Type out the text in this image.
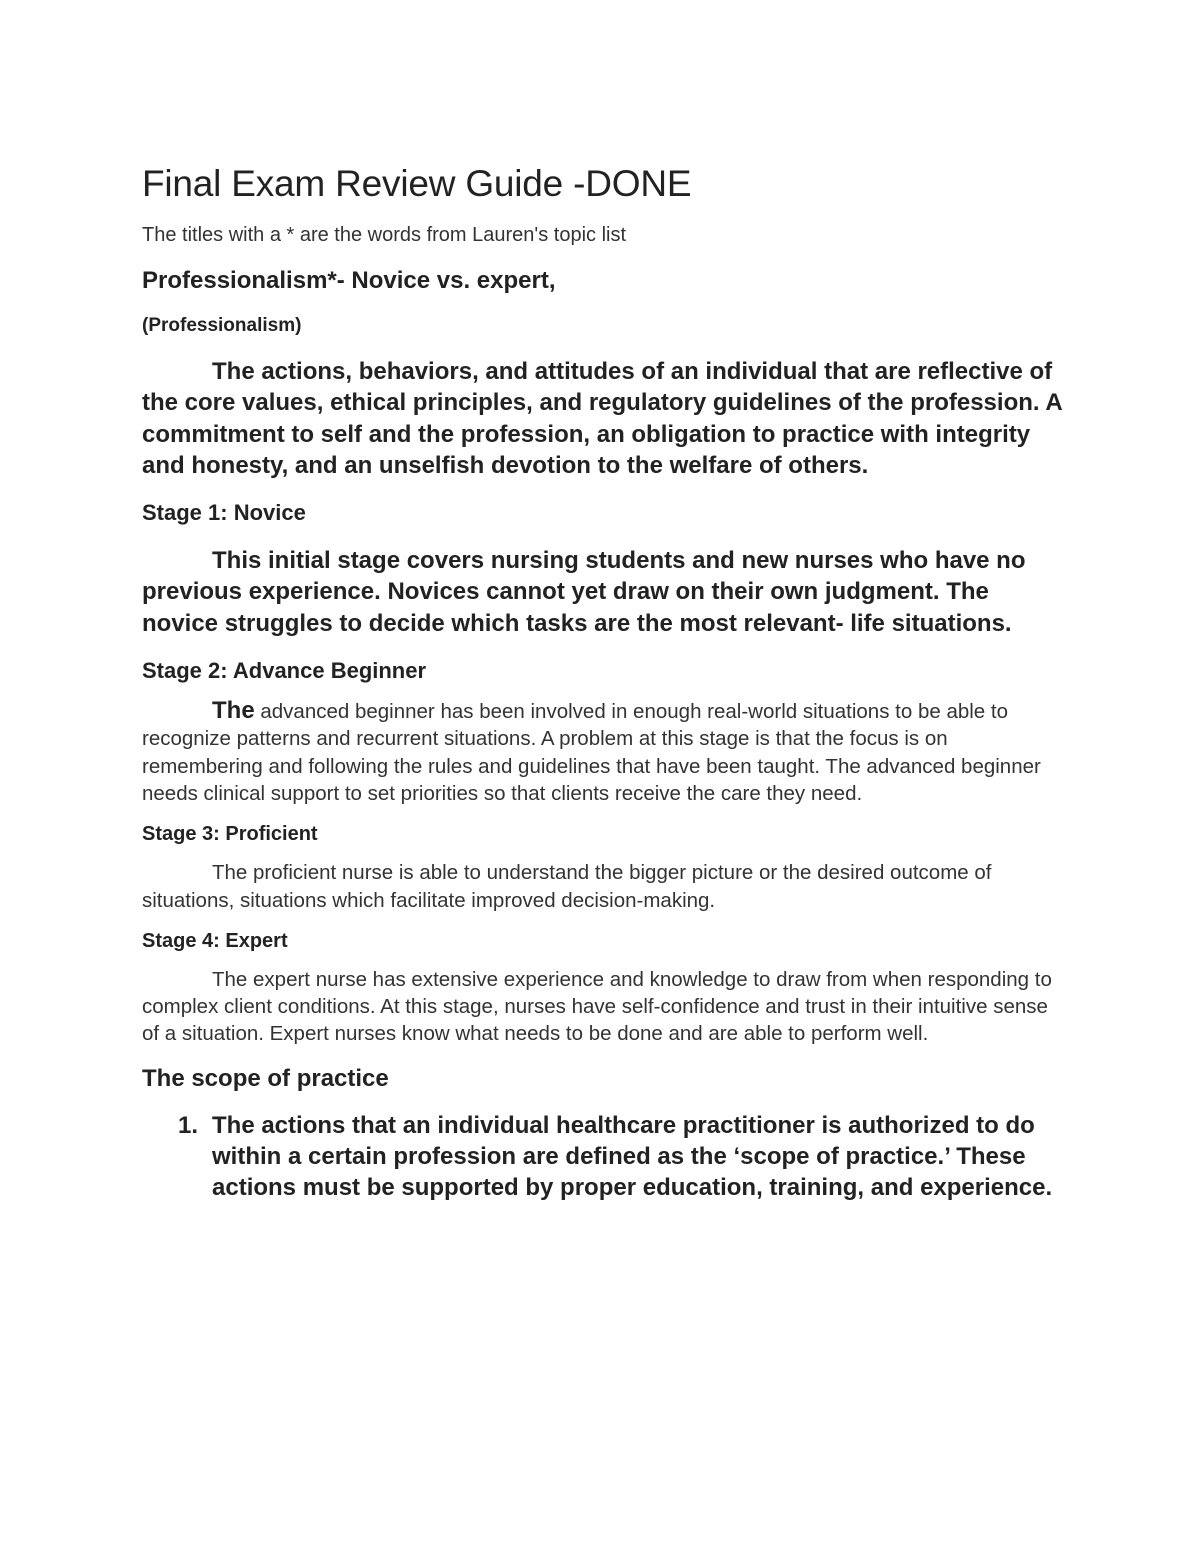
Final Exam Review Guide -DONE
The titles with a * are the words from Lauren's topic list
Professionalism*- Novice vs. expert,
(Professionalism)
The actions, behaviors, and attitudes of an individual that are reflective of the core values, ethical principles, and regulatory guidelines of the profession. A commitment to self and the profession, an obligation to practice with integrity and honesty, and an unselfish devotion to the welfare of others.
Stage 1: Novice
This initial stage covers nursing students and new nurses who have no previous experience. Novices cannot yet draw on their own judgment. The novice struggles to decide which tasks are the most relevant- life situations.
Stage 2: Advance Beginner
The advanced beginner has been involved in enough real-world situations to be able to recognize patterns and recurrent situations. A problem at this stage is that the focus is on remembering and following the rules and guidelines that have been taught. The advanced beginner needs clinical support to set priorities so that clients receive the care they need.
Stage 3: Proficient
The proficient nurse is able to understand the bigger picture or the desired outcome of situations, situations which facilitate improved decision-making.
Stage 4: Expert
The expert nurse has extensive experience and knowledge to draw from when responding to complex client conditions. At this stage, nurses have self-confidence and trust in their intuitive sense of a situation. Expert nurses know what needs to be done and are able to perform well.
The scope of practice
1. The actions that an individual healthcare practitioner is authorized to do within a certain profession are defined as the ‘scope of practice.’ These actions must be supported by proper education, training, and experience.
